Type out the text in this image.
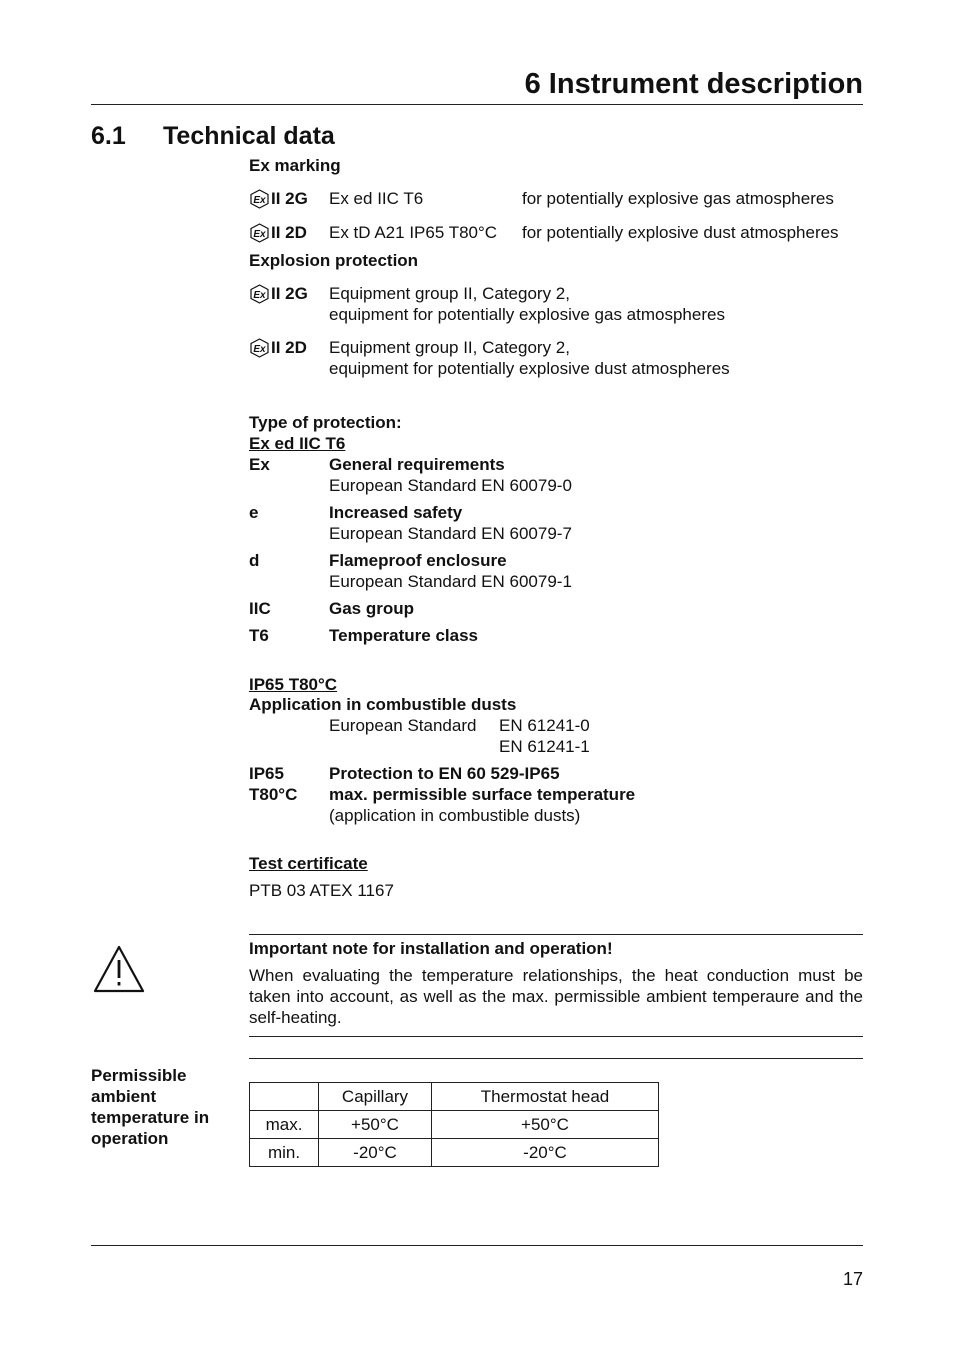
6 Instrument description
6.1 Technical data
Ex marking
Ex II 2G Ex ed IIC T6	for potentially explosive gas atmospheres
Ex II 2D Ex tD A21 IP65 T80°C for potentially explosive dust atmospheres
Explosion protection
Ex II 2G Equipment group II, Category 2,
equipment for potentially explosive gas atmospheres
Ex II 2D Equipment group II, Category 2,
equipment for potentially explosive dust atmospheres
Type of protection:
Ex ed IIC T6
Ex	General requirements
European Standard EN 60079-0
e	Increased safety
European Standard EN 60079-7
d	Flameproof enclosure
European Standard EN 60079-1
IIC	Gas group
T6	Temperature class
IP65 T80°C
Application in combustible dusts
European Standard EN 61241-0
EN 61241-1
IP65	Protection to EN 60 529-IP65
T80°C max. permissible surface temperature
(application in combustible dusts)
Test certificate
PTB 03 ATEX 1167
Important note for installation and operation!
When evaluating the temperature relationships, the heat conduction must be taken into account, as well as the max. permissible ambient temperaure and the self-heating.
Permissible ambient temperature in operation
	Capillary	Thermostat head
max.	+50°C	+50°C
min.	-20°C	-20°C
17
